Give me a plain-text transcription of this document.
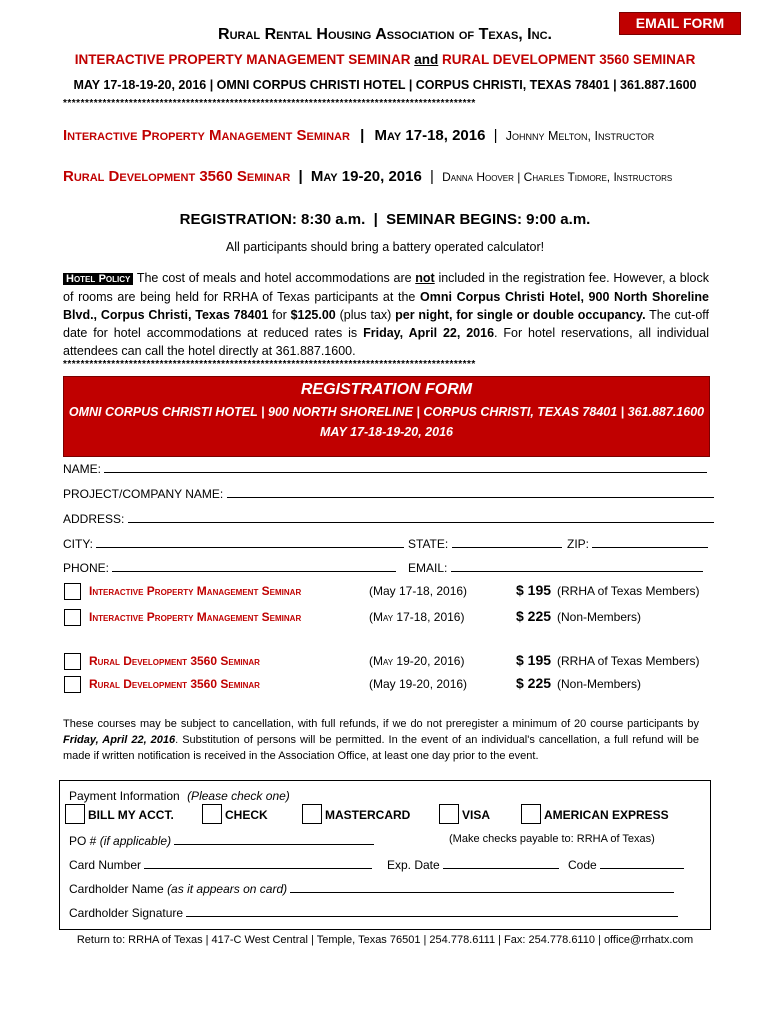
EMAIL FORM
Rural Rental Housing Association of Texas, Inc.
INTERACTIVE PROPERTY MANAGEMENT SEMINAR and RURAL DEVELOPMENT 3560 SEMINAR
MAY 17-18-19-20, 2016 | OMNI CORPUS CHRISTI HOTEL | CORPUS CHRISTI, TEXAS 78401 | 361.887.1600
**********************************************************************************************
Interactive Property Management Seminar | May 17-18, 2016 | Johnny Melton, Instructor
Rural Development 3560 Seminar | May 19-20, 2016 | Danna Hoover | Charles Tidmore, Instructors
REGISTRATION: 8:30 a.m.  |  SEMINAR BEGINS: 9:00 a.m.
All participants should bring a battery operated calculator!
Hotel Policy The cost of meals and hotel accommodations are not included in the registration fee. However, a block of rooms are being held for RRHA of Texas participants at the Omni Corpus Christi Hotel, 900 North Shoreline Blvd., Corpus Christi, Texas 78401 for $125.00 (plus tax) per night, for single or double occupancy. The cut-off date for hotel accommodations at reduced rates is Friday, April 22, 2016. For hotel reservations, all individual attendees can call the hotel directly at 361.887.1600.
**********************************************************************************************
REGISTRATION FORM
OMNI CORPUS CHRISTI HOTEL | 900 NORTH SHORELINE | CORPUS CHRISTI, TEXAS 78401 | 361.887.1600
MAY 17-18-19-20, 2016
NAME:
PROJECT/COMPANY NAME:
ADDRESS:
CITY:	STATE:	ZIP:
PHONE:	EMAIL:
Interactive Property Management Seminar	(May 17-18, 2016)	$ 195 (RRHA of Texas Members)
Interactive Property Management Seminar	(May 17-18, 2016)	$ 225 (Non-Members)
Rural Development 3560 Seminar	(May 19-20, 2016)	$ 195 (RRHA of Texas Members)
Rural Development 3560 Seminar	(May 19-20, 2016)	$ 225 (Non-Members)
These courses may be subject to cancellation, with full refunds, if we do not preregister a minimum of 20 course participants by Friday, April 22, 2016. Substitution of persons will be permitted. In the event of an individual's cancellation, a full refund will be made if written notification is received in the Association Office, at least one day prior to the event.
Payment Information (Please check one)
BILL MY ACCT.	CHECK	MASTERCARD	VISA	AMERICAN EXPRESS
PO # (if applicable)	(Make checks payable to: RRHA of Texas)
Card Number	Exp. Date	Code
Cardholder Name (as it appears on card)
Cardholder Signature
Return to: RRHA of Texas | 417-C West Central | Temple, Texas 76501 | 254.778.6111 | Fax: 254.778.6110 | office@rrhatx.com
